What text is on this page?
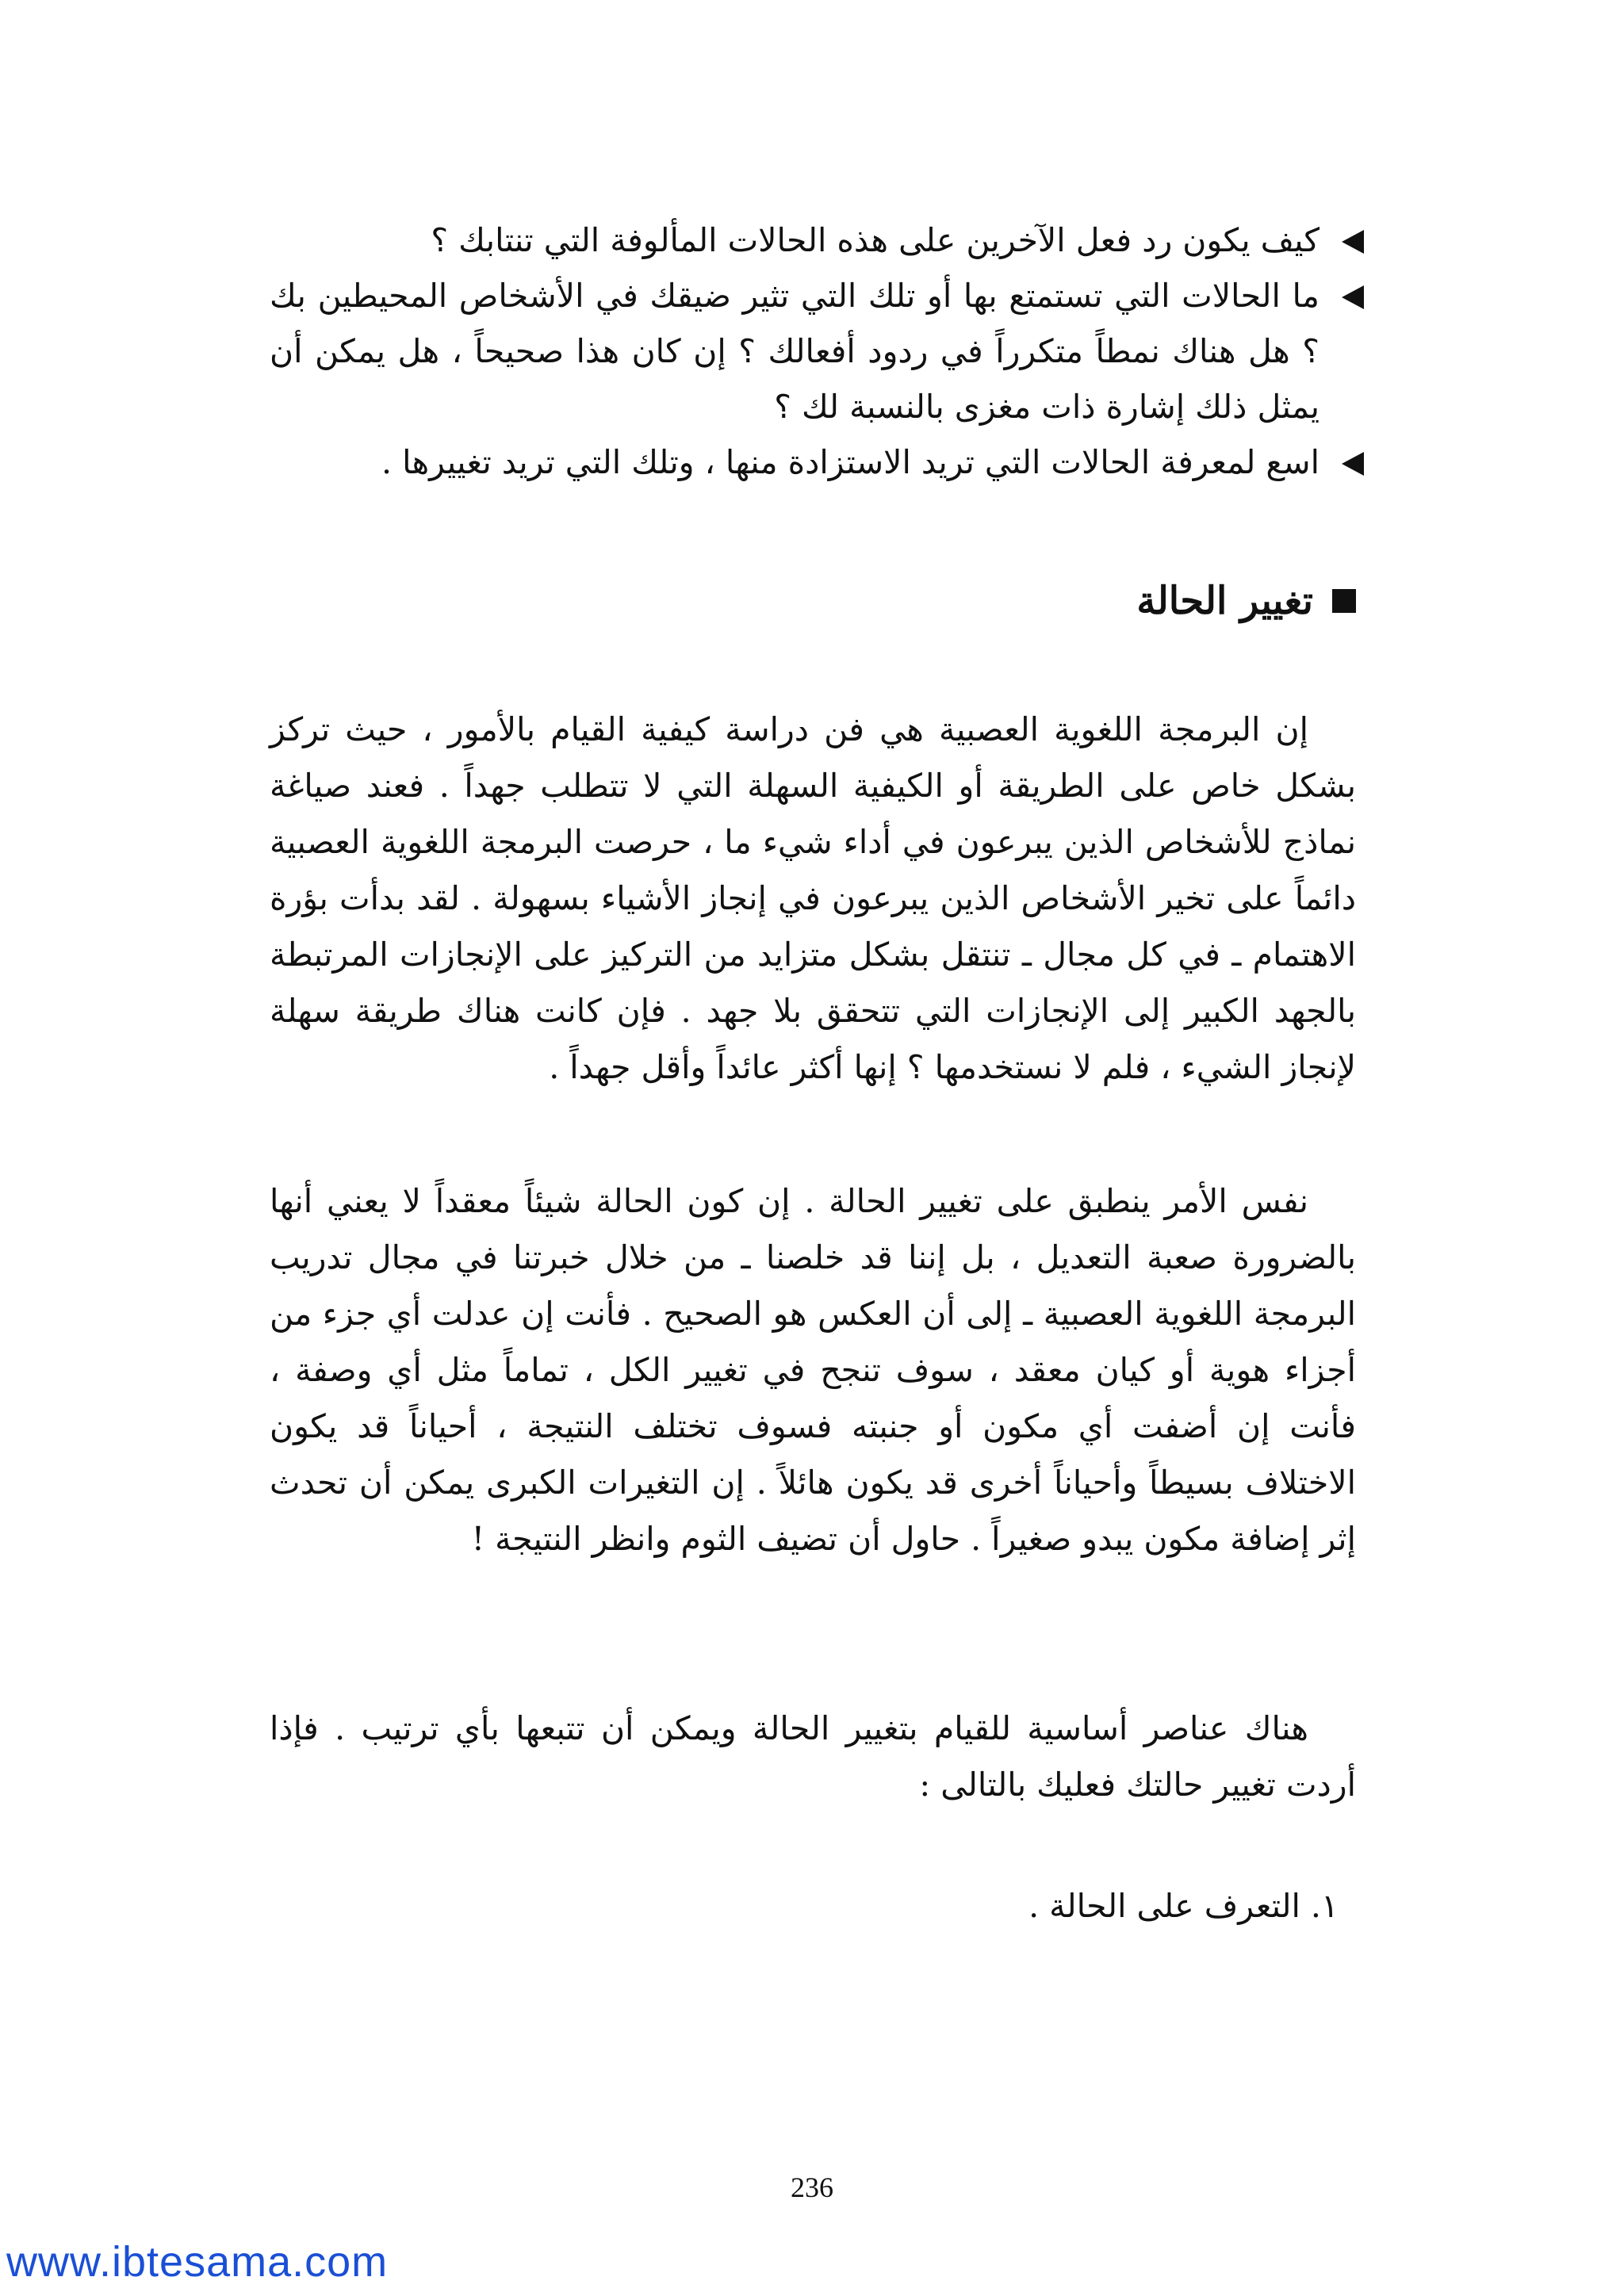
كيف يكون رد فعل الآخرين على هذه الحالات المألوفة التي تنتابك ؟

ما الحالات التي تستمتع بها أو تلك التي تثير ضيقك في الأشخاص المحيطين بك ؟ هل هناك نمطاً متكرراً في ردود أفعالك ؟ إن كان هذا صحيحاً ، هل يمكن أن يمثل ذلك إشارة ذات مغزى بالنسبة لك ؟

اسع لمعرفة الحالات التي تريد الاستزادة منها ، وتلك التي تريد تغييرها .

تغيير الحالة

إن البرمجة اللغوية العصبية هي فن دراسة كيفية القيام بالأمور ، حيث تركز بشكل خاص على الطريقة أو الكيفية السهلة التي لا تتطلب جهداً . فعند صياغة نماذج للأشخاص الذين يبرعون في أداء شيء ما ، حرصت البرمجة اللغوية العصبية دائماً على تخير الأشخاص الذين يبرعون في إنجاز الأشياء بسهولة . لقد بدأت بؤرة الاهتمام ـ في كل مجال ـ تنتقل بشكل متزايد من التركيز على الإنجازات المرتبطة بالجهد الكبير إلى الإنجازات التي تتحقق بلا جهد . فإن كانت هناك طريقة سهلة لإنجاز الشيء ، فلم لا نستخدمها ؟ إنها أكثر عائداً وأقل جهداً .

نفس الأمر ينطبق على تغيير الحالة . إن كون الحالة شيئاً معقداً لا يعني أنها بالضرورة صعبة التعديل ، بل إننا قد خلصنا ـ من خلال خبرتنا في مجال تدريب البرمجة اللغوية العصبية ـ إلى أن العكس هو الصحيح . فأنت إن عدلت أي جزء من أجزاء هوية أو كيان معقد ، سوف تنجح في تغيير الكل ، تماماً مثل أي وصفة ، فأنت إن أضفت أي مكون أو جنبته فسوف تختلف النتيجة ، أحياناً قد يكون الاختلاف بسيطاً وأحياناً أخرى قد يكون هائلاً . إن التغيرات الكبرى يمكن أن تحدث إثر إضافة مكون يبدو صغيراً . حاول أن تضيف الثوم وانظر النتيجة !

هناك عناصر أساسية للقيام بتغيير الحالة ويمكن أن تتبعها بأي ترتيب . فإذا أردت تغيير حالتك فعليك بالتالى :

١. التعرف على الحالة .
236
www.ibtesama.com
